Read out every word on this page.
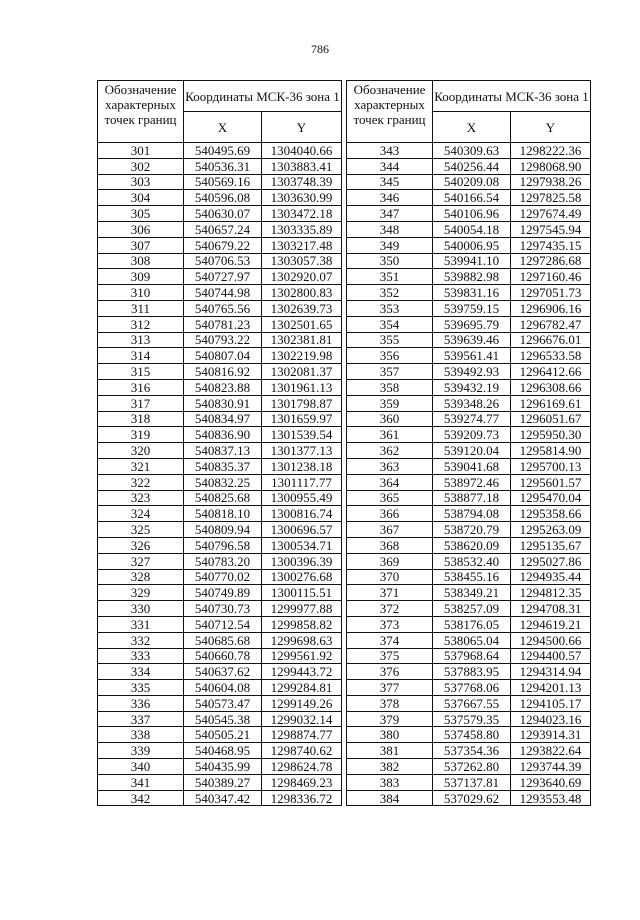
786
Обозначение характерных точек границ	Координаты МСК-36 зона 1	
	X	Y
301	540495.69	1304040.66
302	540536.31	1303883.41
303	540569.16	1303748.39
304	540596.08	1303630.99
305	540630.07	1303472.18
306	540657.24	1303335.89
307	540679.22	1303217.48
308	540706.53	1303057.38
309	540727.97	1302920.07
310	540744.98	1302800.83
311	540765.56	1302639.73
312	540781.23	1302501.65
313	540793.22	1302381.81
314	540807.04	1302219.98
315	540816.92	1302081.37
316	540823.88	1301961.13
317	540830.91	1301798.87
318	540834.97	1301659.97
319	540836.90	1301539.54
320	540837.13	1301377.13
321	540835.37	1301238.18
322	540832.25	1301117.77
323	540825.68	1300955.49
324	540818.10	1300816.74
325	540809.94	1300696.57
326	540796.58	1300534.71
327	540783.20	1300396.39
328	540770.02	1300276.68
329	540749.89	1300115.51
330	540730.73	1299977.88
331	540712.54	1299858.82
332	540685.68	1299698.63
333	540660.78	1299561.92
334	540637.62	1299443.72
335	540604.08	1299284.81
336	540573.47	1299149.26
337	540545.38	1299032.14
338	540505.21	1298874.77
339	540468.95	1298740.62
340	540435.99	1298624.78
341	540389.27	1298469.23
342	540347.42	1298336.72
Обозначение характерных точек границ	Координаты МСК-36 зона 1	
	X	Y
343	540309.63	1298222.36
344	540256.44	1298068.90
345	540209.08	1297938.26
346	540166.54	1297825.58
347	540106.96	1297674.49
348	540054.18	1297545.94
349	540006.95	1297435.15
350	539941.10	1297286.68
351	539882.98	1297160.46
352	539831.16	1297051.73
353	539759.15	1296906.16
354	539695.79	1296782.47
355	539639.46	1296676.01
356	539561.41	1296533.58
357	539492.93	1296412.66
358	539432.19	1296308.66
359	539348.26	1296169.61
360	539274.77	1296051.67
361	539209.73	1295950.30
362	539120.04	1295814.90
363	539041.68	1295700.13
364	538972.46	1295601.57
365	538877.18	1295470.04
366	538794.08	1295358.66
367	538720.79	1295263.09
368	538620.09	1295135.67
369	538532.40	1295027.86
370	538455.16	1294935.44
371	538349.21	1294812.35
372	538257.09	1294708.31
373	538176.05	1294619.21
374	538065.04	1294500.66
375	537968.64	1294400.57
376	537883.95	1294314.94
377	537768.06	1294201.13
378	537667.55	1294105.17
379	537579.35	1294023.16
380	537458.80	1293914.31
381	537354.36	1293822.64
382	537262.80	1293744.39
383	537137.81	1293640.69
384	537029.62	1293553.48
